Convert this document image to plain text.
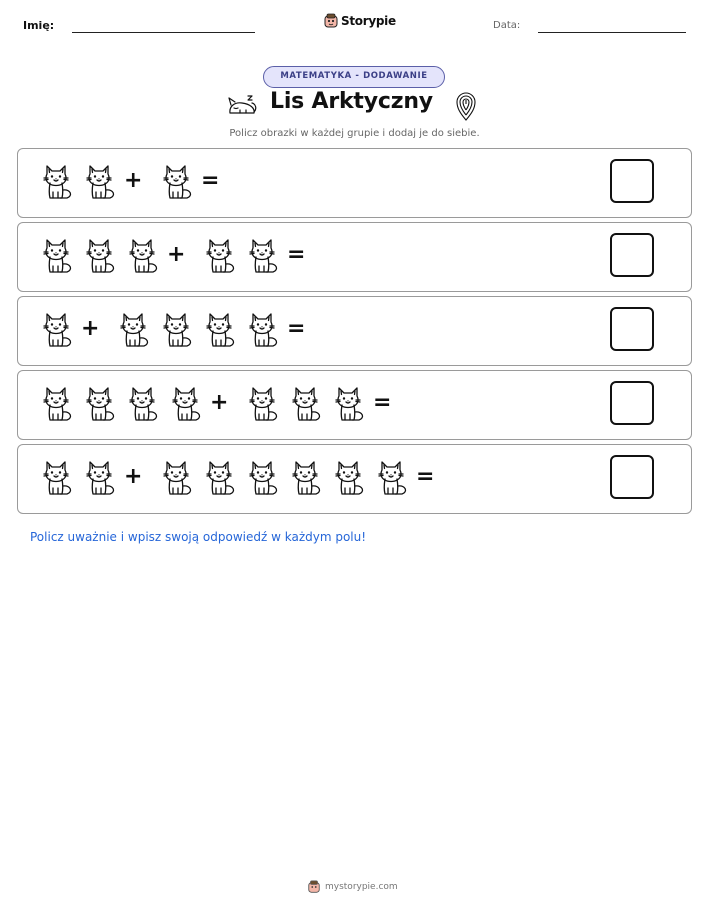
Imię:	Storypie	Data:
MATEMATYKA - DODAWANIE
Lis Arktyczny
Policz obrazki w każdej grupie i dodaj je do siebie.
+	=
+	=
+	=
+	=
+	=
Policz uważnie i wpisz swoją odpowiedź w każdym polu!
mystorypie.com
